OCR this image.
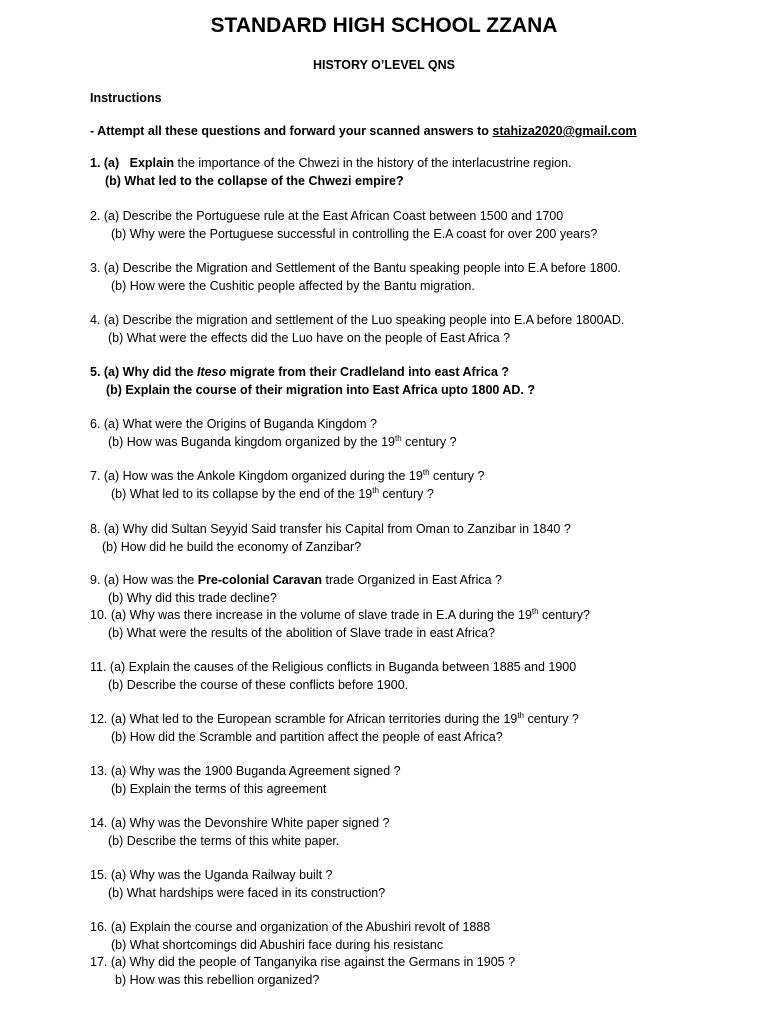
STANDARD HIGH SCHOOL ZZANA
HISTORY O’LEVEL QNS
Instructions
- Attempt all these questions and forward your scanned answers to stahiza2020@gmail.com
1. (a) Explain the importance of the Chwezi in the history of the interlacustrine region.
(b) What led to the collapse of the Chwezi empire?
2. (a) Describe the Portuguese rule at the East African Coast between 1500 and 1700
(b) Why were the Portuguese successful in controlling the E.A coast for over 200 years?
3. (a) Describe the Migration and Settlement of the Bantu speaking people into E.A before 1800.
(b) How were the Cushitic people affected by the Bantu migration.
4. (a) Describe the migration and settlement of the Luo speaking people into E.A before 1800AD.
(b) What were the effects did the Luo have on the people of East Africa ?
5. (a) Why did the Iteso migrate from their Cradleland into east Africa ?
(b) Explain the course of their migration into East Africa upto 1800 AD. ?
6. (a) What were the Origins of Buganda Kingdom ?
(b) How was Buganda kingdom organized by the 19th century ?
7. (a) How was the Ankole Kingdom organized during the 19th century ?
(b) What led to its collapse by the end of the 19th century ?
8. (a) Why did Sultan Seyyid Said transfer his Capital from Oman to Zanzibar in 1840 ?
(b) How did he build the economy of Zanzibar?
9. (a) How was the Pre-colonial Caravan trade Organized in East Africa ?
(b) Why did this trade decline?
10. (a) Why was there increase in the volume of slave trade in E.A during the 19th century?
(b) What were the results of the abolition of Slave trade in east Africa?
11. (a) Explain the causes of the Religious conflicts in Buganda between 1885 and 1900
(b) Describe the course of these conflicts before 1900.
12. (a) What led to the European scramble for African territories during the 19th century ?
(b) How did the Scramble and partition affect the people of east Africa?
13. (a) Why was the 1900 Buganda Agreement signed ?
(b) Explain the terms of this agreement
14. (a) Why was the Devonshire White paper signed ?
(b) Describe the terms of this white paper.
15. (a) Why was the Uganda Railway built ?
(b) What hardships were faced in its construction?
16. (a) Explain the course and organization of the Abushiri revolt of 1888
(b) What shortcomings did Abushiri face during his resistanc
17. (a) Why did the people of Tanganyika rise against the Germans in 1905 ?
b) How was this rebellion organized?
